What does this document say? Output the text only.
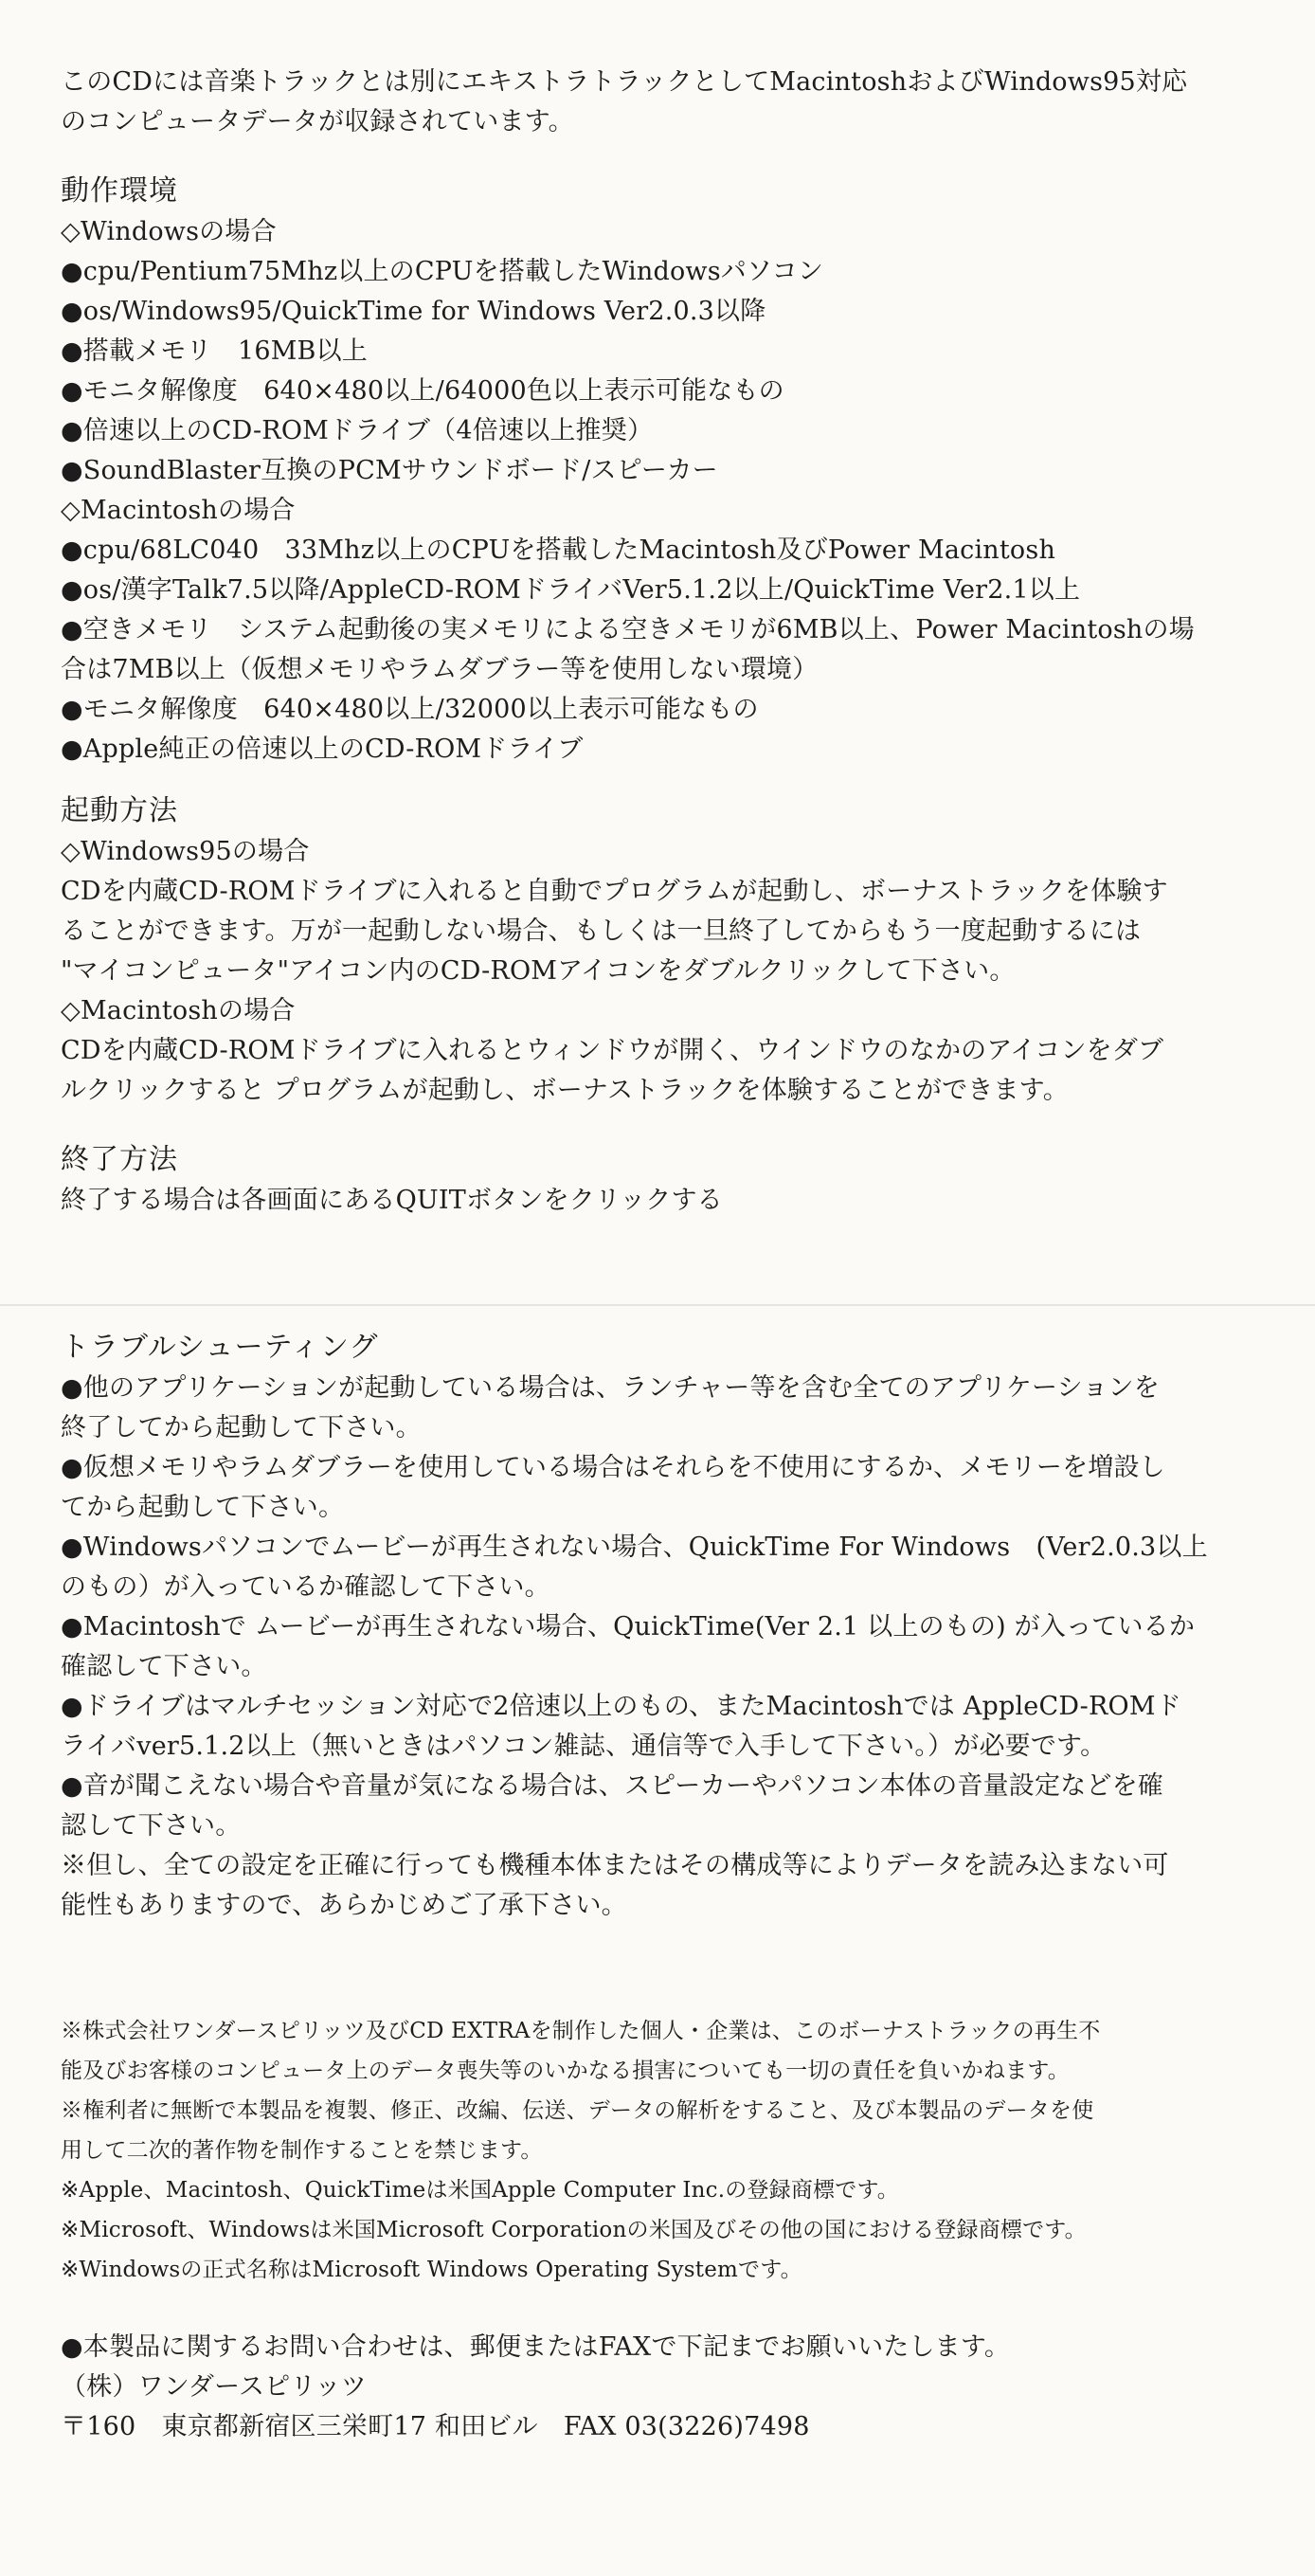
このCDには音楽トラックとは別にエキストラトラックとしてMacintoshおよびWindows95対応

のコンピュータデータが収録されています。

動作環境

◇Windowsの場合

●cpu/Pentium75Mhz以上のCPUを搭載したWindowsパソコン

●os/Windows95/QuickTime for Windows Ver2.0.3以降

●搭載メモリ　16MB以上

●モニタ解像度　640×480以上/64000色以上表示可能なもの

●倍速以上のCD-ROMドライブ（4倍速以上推奨）

●SoundBlaster互換のPCMサウンドボード/スピーカー

◇Macintoshの場合

●cpu/68LC040　33Mhz以上のCPUを搭載したMacintosh及びPower Macintosh

●os/漢字Talk7.5以降/AppleCD-ROMドライバVer5.1.2以上/QuickTime Ver2.1以上

●空きメモリ　システム起動後の実メモリによる空きメモリが6MB以上、Power Macintoshの場

合は7MB以上（仮想メモリやラムダブラー等を使用しない環境）

●モニタ解像度　640×480以上/32000以上表示可能なもの

●Apple純正の倍速以上のCD-ROMドライブ

起動方法

◇Windows95の場合

CDを内蔵CD-ROMドライブに入れると自動でプログラムが起動し、ボーナストラックを体験す

ることができます。万が一起動しない場合、もしくは一旦終了してからもう一度起動するには

"マイコンピュータ"アイコン内のCD-ROMアイコンをダブルクリックして下さい。

◇Macintoshの場合

CDを内蔵CD-ROMドライブに入れるとウィンドウが開く、ウインドウのなかのアイコンをダブ

ルクリックすると プログラムが起動し、ボーナストラックを体験することができます。

終了方法

終了する場合は各画面にあるQUITボタンをクリックする

トラブルシューティング

●他のアプリケーションが起動している場合は、ランチャー等を含む全てのアプリケーションを

終了してから起動して下さい。

●仮想メモリやラムダブラーを使用している場合はそれらを不使用にするか、メモリーを増設し

てから起動して下さい。

●Windowsパソコンでムービーが再生されない場合、QuickTime For Windows　(Ver2.0.3以上

のもの）が入っているか確認して下さい。

●Macintoshで ムービーが再生されない場合、QuickTime(Ver 2.1 以上のもの) が入っているか

確認して下さい。

●ドライブはマルチセッション対応で2倍速以上のもの、またMacintoshでは AppleCD-ROMド

ライバver5.1.2以上（無いときはパソコン雑誌、通信等で入手して下さい。）が必要です。

●音が聞こえない場合や音量が気になる場合は、スピーカーやパソコン本体の音量設定などを確

認して下さい。

※但し、全ての設定を正確に行っても機種本体またはその構成等によりデータを読み込まない可

能性もありますので、あらかじめご了承下さい。

※株式会社ワンダースピリッツ及びCD EXTRAを制作した個人・企業は、このボーナストラックの再生不

能及びお客様のコンピュータ上のデータ喪失等のいかなる損害についても一切の責任を負いかねます。

※権利者に無断で本製品を複製、修正、改編、伝送、データの解析をすること、及び本製品のデータを使

用して二次的著作物を制作することを禁じます。

※Apple、Macintosh、QuickTimeは米国Apple Computer Inc.の登録商標です。

※Microsoft、Windowsは米国Microsoft Corporationの米国及びその他の国における登録商標です。

※Windowsの正式名称はMicrosoft Windows Operating Systemです。

●本製品に関するお問い合わせは、郵便またはFAXで下記までお願いいたします。

（株）ワンダースピリッツ

〒160　東京都新宿区三栄町17 和田ビル　FAX 03(3226)7498
